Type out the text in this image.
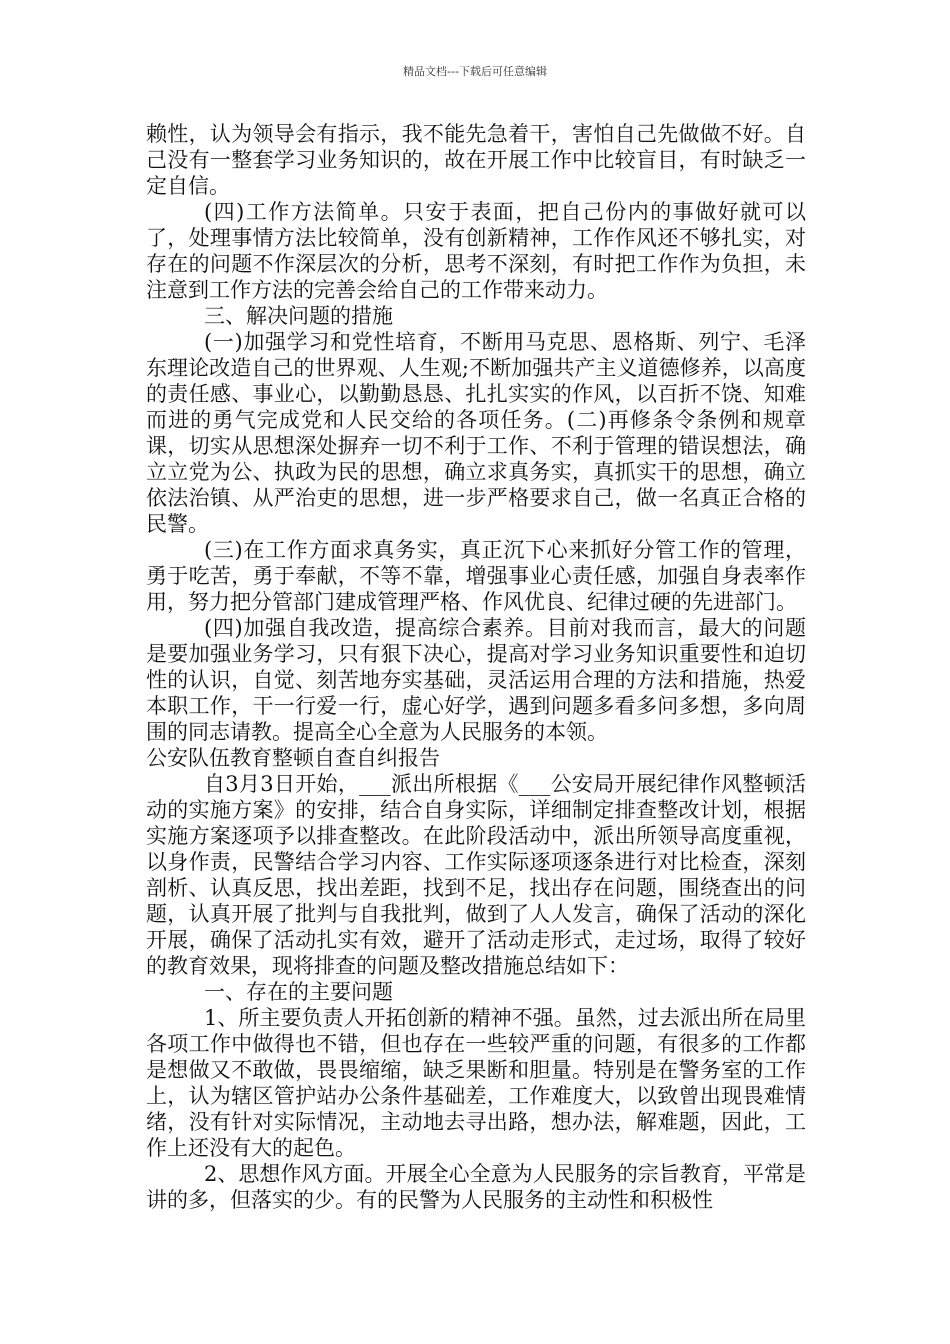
精品文档---下载后可任意编辑

赖性，认为领导会有指示，我不能先急着干，害怕自己先做做不好。自己没有一整套学习业务知识的，故在开展工作中比较盲目，有时缺乏一定自信。

(四)工作方法简单。只安于表面，把自己份内的事做好就可以了，处理事情方法比较简单，没有创新精神，工作作风还不够扎实，对存在的问题不作深层次的分析，思考不深刻，有时把工作作为负担，未注意到工作方法的完善会给自己的工作带来动力。

三、解决问题的措施

(一)加强学习和党性培育，不断用马克思、恩格斯、列宁、毛泽东理论改造自己的世界观、人生观;不断加强共产主义道德修养，以高度的责任感、事业心，以勤勤恳恳、扎扎实实的作风，以百折不饶、知难而进的勇气完成党和人民交给的各项任务。(二)再修条令条例和规章课，切实从思想深处摒弃一切不利于工作、不利于管理的错误想法，确立立党为公、执政为民的思想，确立求真务实，真抓实干的思想，确立依法治镇、从严治吏的思想，进一步严格要求自己，做一名真正合格的民警。

(三)在工作方面求真务实，真正沉下心来抓好分管工作的管理，勇于吃苦，勇于奉献，不等不靠，增强事业心责任感，加强自身表率作用，努力把分管部门建成管理严格、作风优良、纪律过硬的先进部门。

(四)加强自我改造，提高综合素养。目前对我而言，最大的问题是要加强业务学习，只有狠下决心，提高对学习业务知识重要性和迫切性的认识，自觉、刻苦地夯实基础，灵活运用合理的方法和措施，热爱本职工作，干一行爱一行，虚心好学，遇到问题多看多问多想，多向周围的同志请教。提高全心全意为人民服务的本领。

公安队伍教育整顿自查自纠报告

自3月3日开始，___派出所根据《___公安局开展纪律作风整顿活动的实施方案》的安排，结合自身实际，详细制定排查整改计划，根据实施方案逐项予以排查整改。在此阶段活动中，派出所领导高度重视，以身作责，民警结合学习内容、工作实际逐项逐条进行对比检查，深刻剖析、认真反思，找出差距，找到不足，找出存在问题，围绕查出的问题，认真开展了批判与自我批判，做到了人人发言，确保了活动的深化开展，确保了活动扎实有效，避开了活动走形式，走过场，取得了较好的教育效果，现将排查的问题及整改措施总结如下：

一、存在的主要问题

1、所主要负责人开拓创新的精神不强。虽然，过去派出所在局里各项工作中做得也不错，但也存在一些较严重的问题，有很多的工作都是想做又不敢做，畏畏缩缩，缺乏果断和胆量。特别是在警务室的工作上，认为辖区管护站办公条件基础差，工作难度大，以致曾出现畏难情绪，没有针对实际情况，主动地去寻出路，想办法，解难题，因此，工作上还没有大的起色。

2、思想作风方面。开展全心全意为人民服务的宗旨教育，平常是讲的多，但落实的少。有的民警为人民服务的主动性和积极性
